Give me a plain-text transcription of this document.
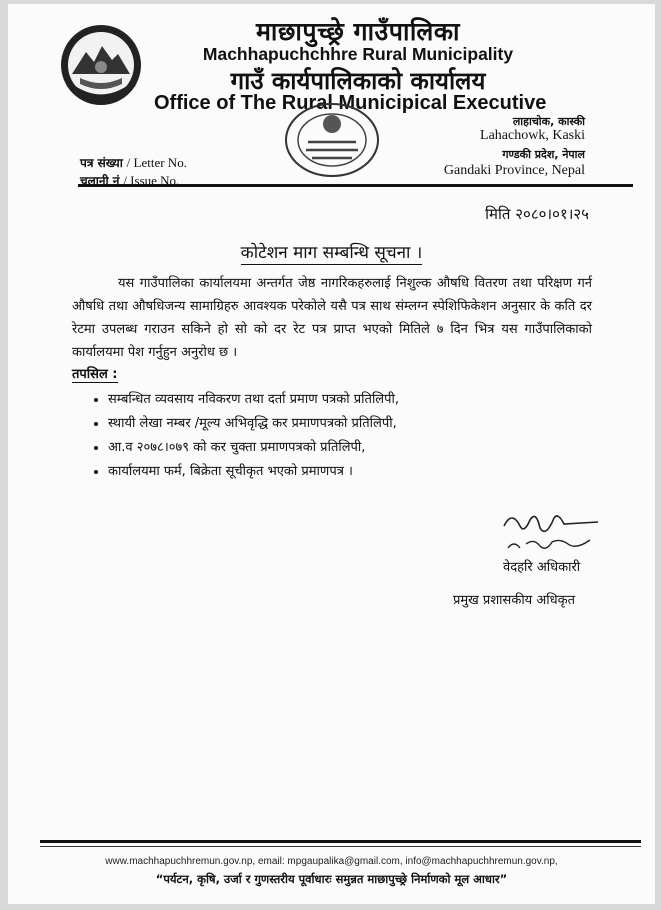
माछापुच्छ्रे गाउँपालिका
Machhapuchchhre Rural Municipality
गाउँ कार्यपालिकाको कार्यालय
Office of The Rural Municipical Executive
लाहाचोक, कास्की
Lahachowk, Kaski
गण्डकी प्रदेश, नेपाल
Gandaki Province, Nepal
पत्र संख्या / Letter No.
चलानी नं / Issue No.
मिति २०८०।०१।२५
कोटेशन माग सम्बन्धि सूचना ।
यस गाउँपालिका कार्यालयमा अन्तर्गत जेष्ठ नागरिकहरुलाई निशुल्क औषधि वितरण तथा परिक्षण गर्न औषधि तथा औषधिजन्य सामाग्रिहरु आवश्यक परेकोले यसै पत्र साथ संम्लग्न स्पेशिफिकेशन अनुसार के कति दर रेटमा उपलब्ध गराउन सकिने हो सो को दर रेट पत्र प्राप्त भएको मितिले ७ दिन भित्र यस गाउँपालिकाको कार्यालयमा पेश गर्नुहुन अनुरोध छ ।
तपसिल :
• सम्बन्धित व्यवसाय नविकरण तथा दर्ता प्रमाण पत्रको प्रतिलिपी,
• स्थायी लेखा नम्बर /मूल्य अभिवृद्धि कर प्रमाणपत्रको प्रतिलिपी,
• आ.व २०७८।०७९ को कर चुक्ता प्रमाणपत्रको प्रतिलिपी,
• कार्यालयमा फर्म, बिक्रेता सूचीकृत भएको प्रमाणपत्र ।
वेदहरि अधिकारी
प्रमुख प्रशासकीय अधिकृत
www.machhapuchhremun.gov.np, email: mpgaupalika@gmail.com, info@machhapuchhremun.gov.np,
“पर्यटन, कृषि, उर्जा र गुणस्तरीय पूर्वाधारः समुन्नत माछापुच्छ्रे निर्माणको मूल आधार”
